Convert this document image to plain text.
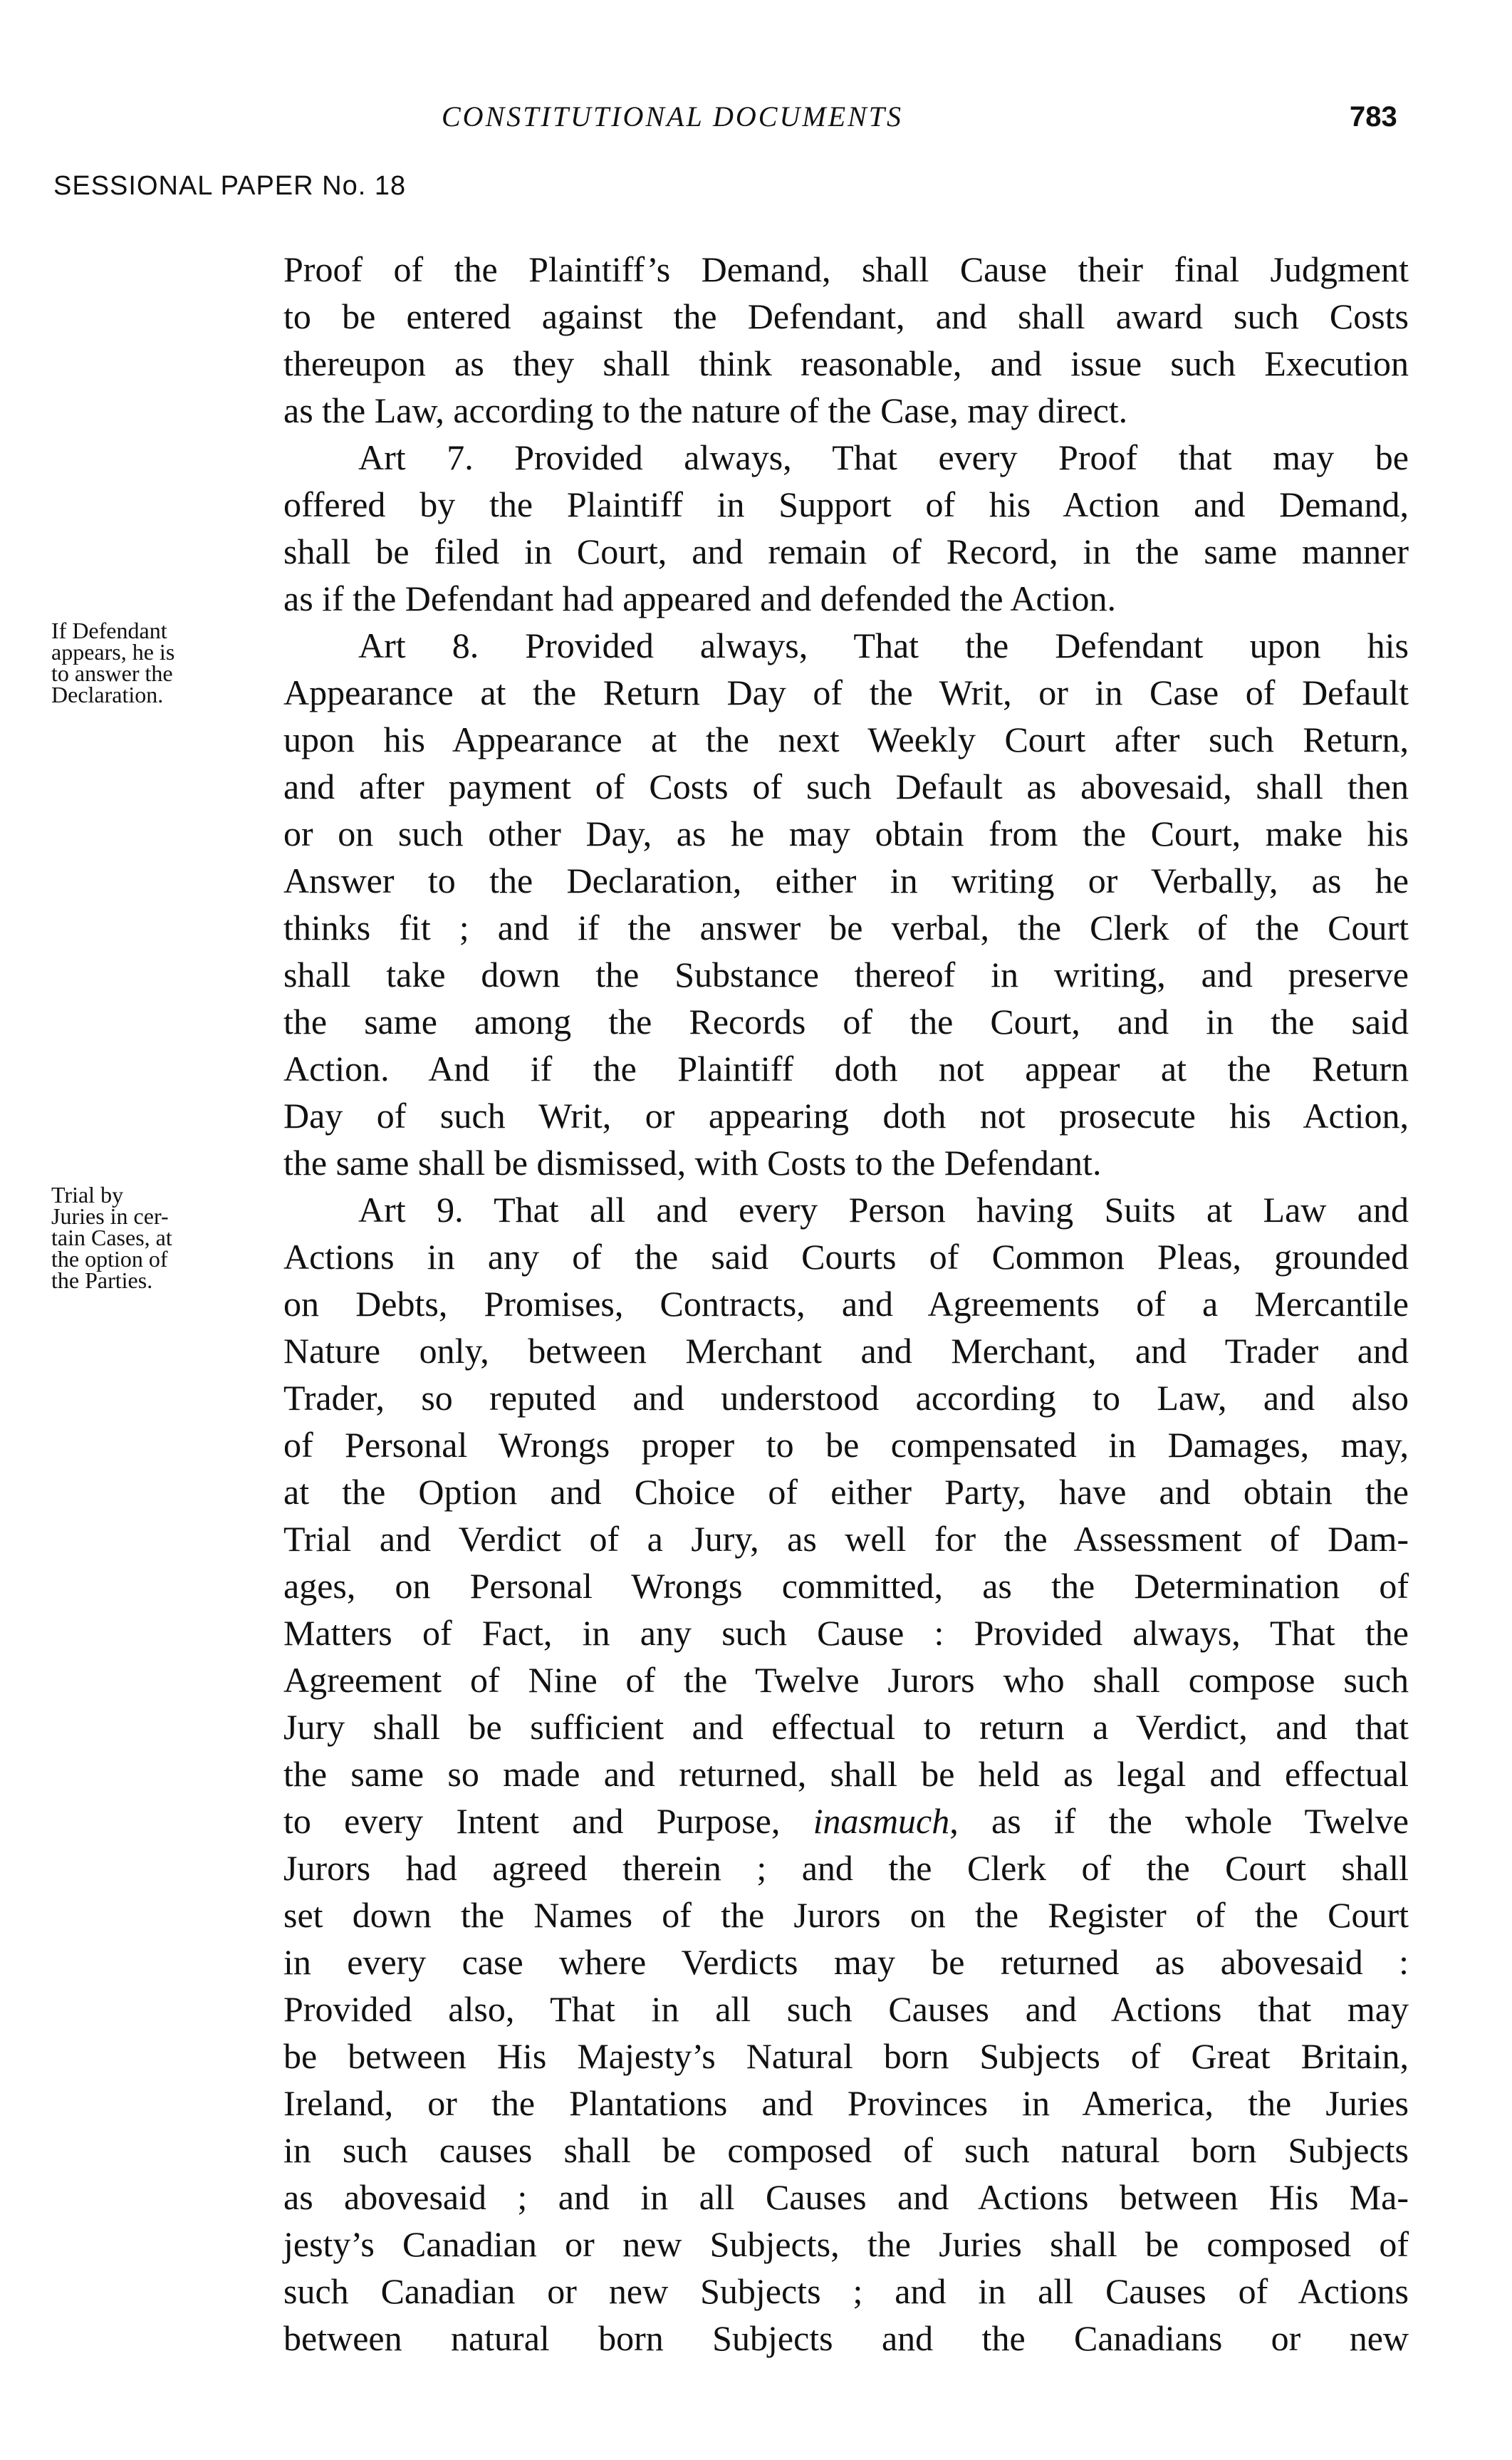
CONSTITUTIONAL DOCUMENTS	783
SESSIONAL PAPER No. 18
If Defendant
appears, he is
to answer the
Declaration.
Trial by
Juries in cer-
tain Cases, at
the option of
the Parties.
Proof of the Plaintiff’s Demand, shall Cause their final Judgment
to be entered against the Defendant, and shall award such Costs
thereupon as they shall think reasonable, and issue such Execution
as the Law, according to the nature of the Case, may direct.
Art 7. Provided always, That every Proof that may be
offered by the Plaintiff in Support of his Action and Demand,
shall be filed in Court, and remain of Record, in the same manner
as if the Defendant had appeared and defended the Action.
Art 8. Provided always, That the Defendant upon his
Appearance at the Return Day of the Writ, or in Case of Default
upon his Appearance at the next Weekly Court after such Return,
and after payment of Costs of such Default as abovesaid, shall then
or on such other Day, as he may obtain from the Court, make his
Answer to the Declaration, either in writing or Verbally, as he
thinks fit ; and if the answer be verbal, the Clerk of the Court
shall take down the Substance thereof in writing, and preserve
the same among the Records of the Court, and in the said
Action. And if the Plaintiff doth not appear at the Return
Day of such Writ, or appearing doth not prosecute his Action,
the same shall be dismissed, with Costs to the Defendant.
Art 9. That all and every Person having Suits at Law and
Actions in any of the said Courts of Common Pleas, grounded
on Debts, Promises, Contracts, and Agreements of a Mercantile
Nature only, between Merchant and Merchant, and Trader and
Trader, so reputed and understood according to Law, and also
of Personal Wrongs proper to be compensated in Damages, may,
at the Option and Choice of either Party, have and obtain the
Trial and Verdict of a Jury, as well for the Assessment of Dam-
ages, on Personal Wrongs committed, as the Determination of
Matters of Fact, in any such Cause : Provided always, That the
Agreement of Nine of the Twelve Jurors who shall compose such
Jury shall be sufficient and effectual to return a Verdict, and that
the same so made and returned, shall be held as legal and effectual
to every Intent and Purpose, inasmuch, as if the whole Twelve
Jurors had agreed therein ; and the Clerk of the Court shall
set down the Names of the Jurors on the Register of the Court
in every case where Verdicts may be returned as abovesaid :
Provided also, That in all such Causes and Actions that may
be between His Majesty’s Natural born Subjects of Great Britain,
Ireland, or the Plantations and Provinces in America, the Juries
in such causes shall be composed of such natural born Subjects
as abovesaid ; and in all Causes and Actions between His Ma-
jesty’s Canadian or new Subjects, the Juries shall be composed of
such Canadian or new Subjects ; and in all Causes of Actions
between natural born Subjects and the Canadians or new
